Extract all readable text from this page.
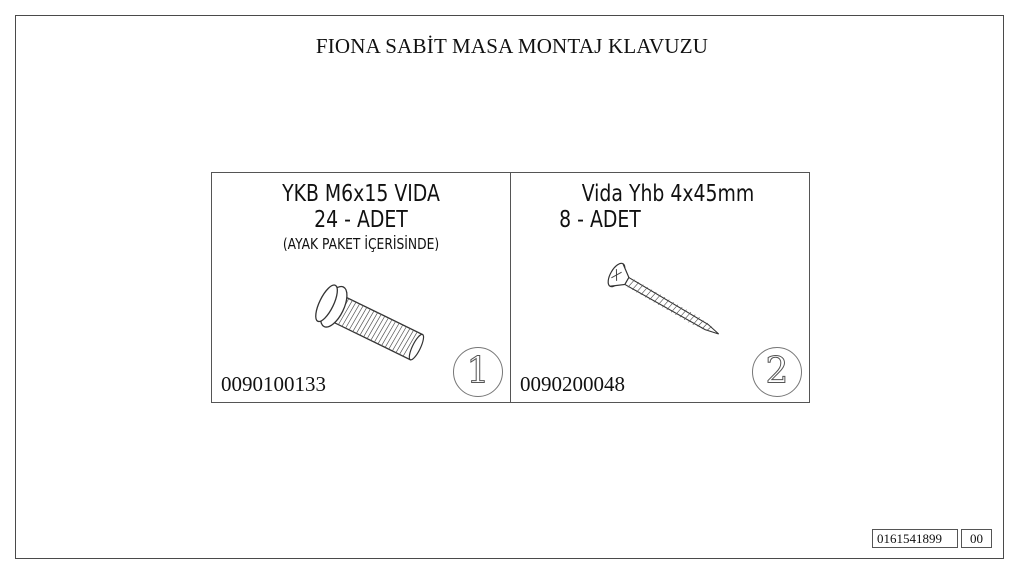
FIONA SABİT MASA MONTAJ KLAVUZU
YKB M6x15 VIDA
24 - ADET
(AYAK PAKET İÇERİSİNDE)
0090100133	1
Vida Yhb 4x45mm
8 - ADET
0090200048	2
0161541899	00
